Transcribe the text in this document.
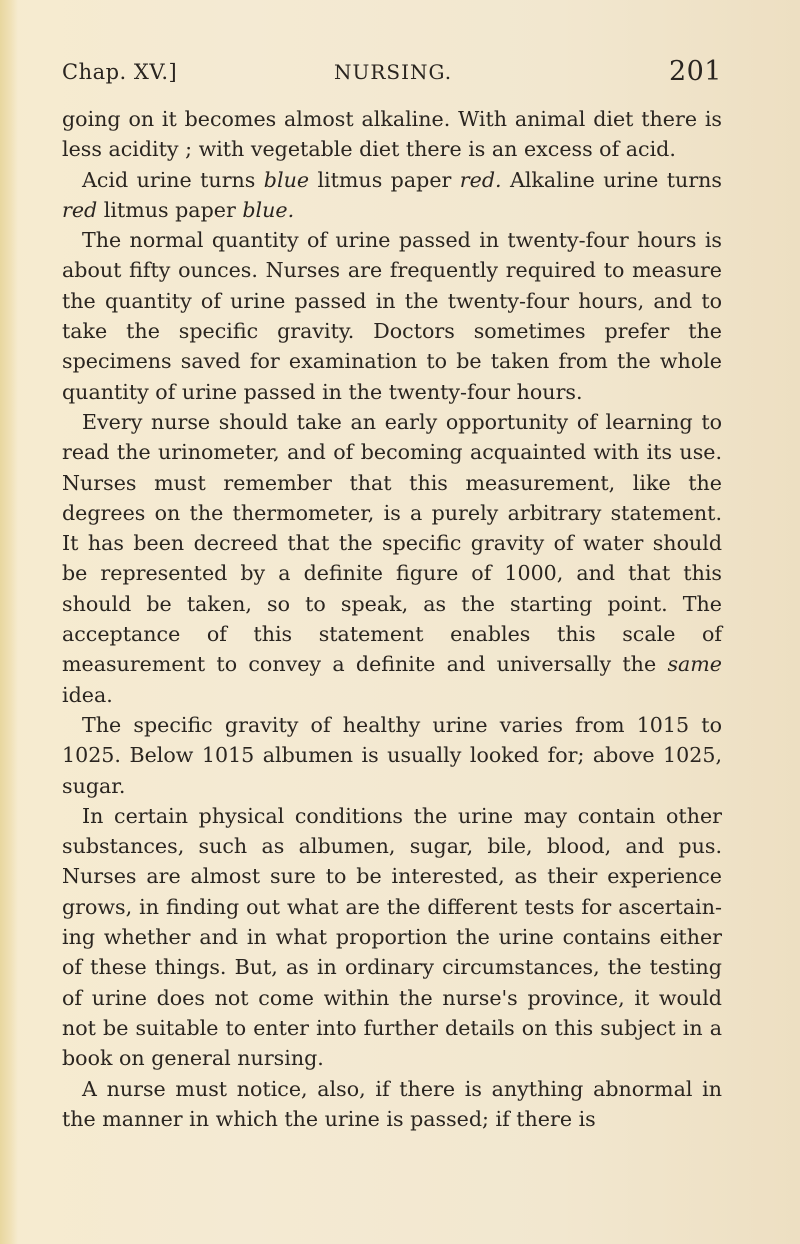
Chap. XV.]	NURSING.	201

going on it becomes almost alkaline. With animal diet there is less acidity ; with vegetable diet there is an excess of acid.

Acid urine turns blue litmus paper red. Alkaline urine turns red litmus paper blue.

The normal quantity of urine passed in twenty-four hours is about fifty ounces. Nurses are frequently required to measure the quantity of urine passed in the twenty-four hours, and to take the specific gravity. Doctors sometimes prefer the specimens saved for examination to be taken from the whole quantity of urine passed in the twenty-four hours.

Every nurse should take an early opportunity of learning to read the urinometer, and of becoming acquainted with its use. Nurses must remember that this measurement, like the degrees on the thermometer, is a purely arbitrary statement. It has been decreed that the specific gravity of water should be represented by a definite figure of 1000, and that this should be taken, so to speak, as the starting point. The acceptance of this statement enables this scale of measurement to convey a definite and universally the same idea.

The specific gravity of healthy urine varies from 1015 to 1025. Below 1015 albumen is usually looked for; above 1025, sugar.

In certain physical conditions the urine may contain other substances, such as albumen, sugar, bile, blood, and pus. Nurses are almost sure to be interested, as their experience grows, in finding out what are the different tests for ascertain-ing whether and in what proportion the urine contains either of these things. But, as in ordinary circumstances, the testing of urine does not come within the nurse's province, it would not be suitable to enter into further details on this subject in a book on general nursing.

A nurse must notice, also, if there is anything abnormal in the manner in which the urine is passed; if there is
